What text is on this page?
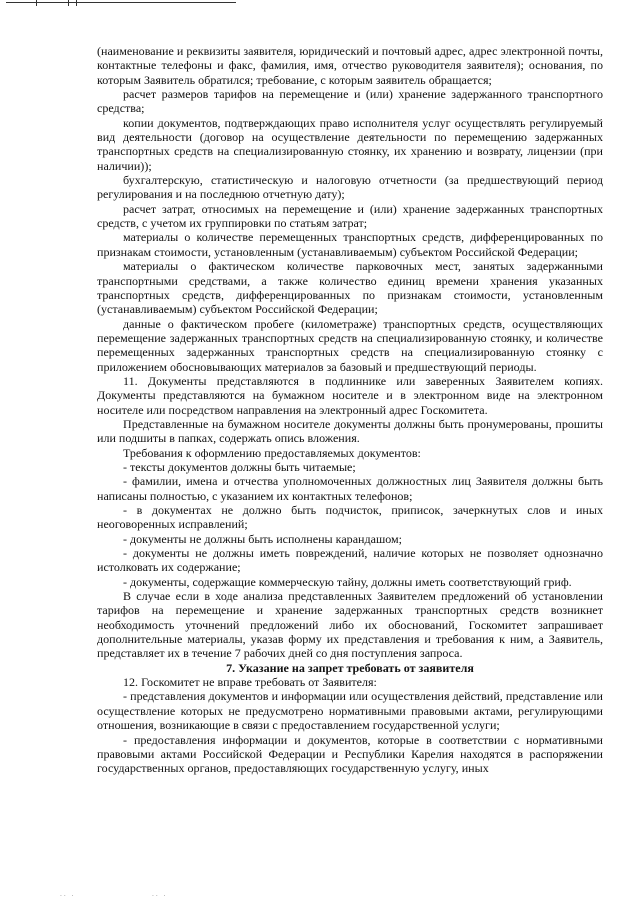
(наименование и реквизиты заявителя, юридический и почтовый адрес, адрес электронной почты, контактные телефоны и факс, фамилия, имя, отчество руководителя заявителя); основания, по которым Заявитель обратился; требование, с которым заявитель обращается;

расчет размеров тарифов на перемещение и (или) хранение задержанного транспортного средства;

копии документов, подтверждающих право исполнителя услуг осуществлять регулируемый вид деятельности (договор на осуществление деятельности по перемещению задержанных транспортных средств на специализированную стоянку, их хранению и возврату, лицензии (при наличии));

бухгалтерскую, статистическую и налоговую отчетности (за предшествующий период регулирования и на последнюю отчетную дату);

расчет затрат, относимых на перемещение и (или) хранение задержанных транспортных средств, с учетом их группировки по статьям затрат;

материалы о количестве перемещенных транспортных средств, дифференцированных по признакам стоимости, установленным (устанавливаемым) субъектом Российской Федерации;

материалы о фактическом количестве парковочных мест, занятых задержанными транспортными средствами, а также количество единиц времени хранения указанных транспортных средств, дифференцированных по признакам стоимости, установленным (устанавливаемым) субъектом Российской Федерации;

данные о фактическом пробеге (километраже) транспортных средств, осуществляющих перемещение задержанных транспортных средств на специализированную стоянку, и количестве перемещенных задержанных транспортных средств на специализированную стоянку с приложением обосновывающих материалов за базовый и предшествующий периоды.

11. Документы представляются в подлиннике или заверенных Заявителем копиях. Документы представляются на бумажном носителе и в электронном виде на электронном носителе или посредством направления на электронный адрес Госкомитета.

Представленные на бумажном носителе документы должны быть пронумерованы, прошиты или подшиты в папках, содержать опись вложения.

Требования к оформлению предоставляемых документов:

- тексты документов должны быть читаемые;

- фамилии, имена и отчества уполномоченных должностных лиц Заявителя должны быть написаны полностью, с указанием их контактных телефонов;

- в документах не должно быть подчисток, приписок, зачеркнутых слов и иных неоговоренных исправлений;

- документы не должны быть исполнены карандашом;

- документы не должны иметь повреждений, наличие которых не позволяет однозначно истолковать их содержание;

- документы, содержащие коммерческую тайну, должны иметь соответствующий гриф.

В случае если в ходе анализа представленных Заявителем предложений об установлении тарифов на перемещение и хранение задержанных транспортных средств возникнет необходимость уточнений предложений либо их обоснований, Госкомитет запрашивает дополнительные материалы, указав форму их представления и требования к ним, а Заявитель, представляет их в течение 7 рабочих дней со дня поступления запроса.

7. Указание на запрет требовать от заявителя

12. Госкомитет не вправе требовать от Заявителя:

- представления документов и информации или осуществления действий, представление или осуществление которых не предусмотрено нормативными правовыми актами, регулирующими отношения, возникающие в связи с предоставлением государственной услуги;

- предоставления информации и документов, которые в соответствии с нормативными правовыми актами Российской Федерации и Республики Карелия находятся в распоряжении государственных органов, предоставляющих государственную услугу, иных

·· ·	·· ·
